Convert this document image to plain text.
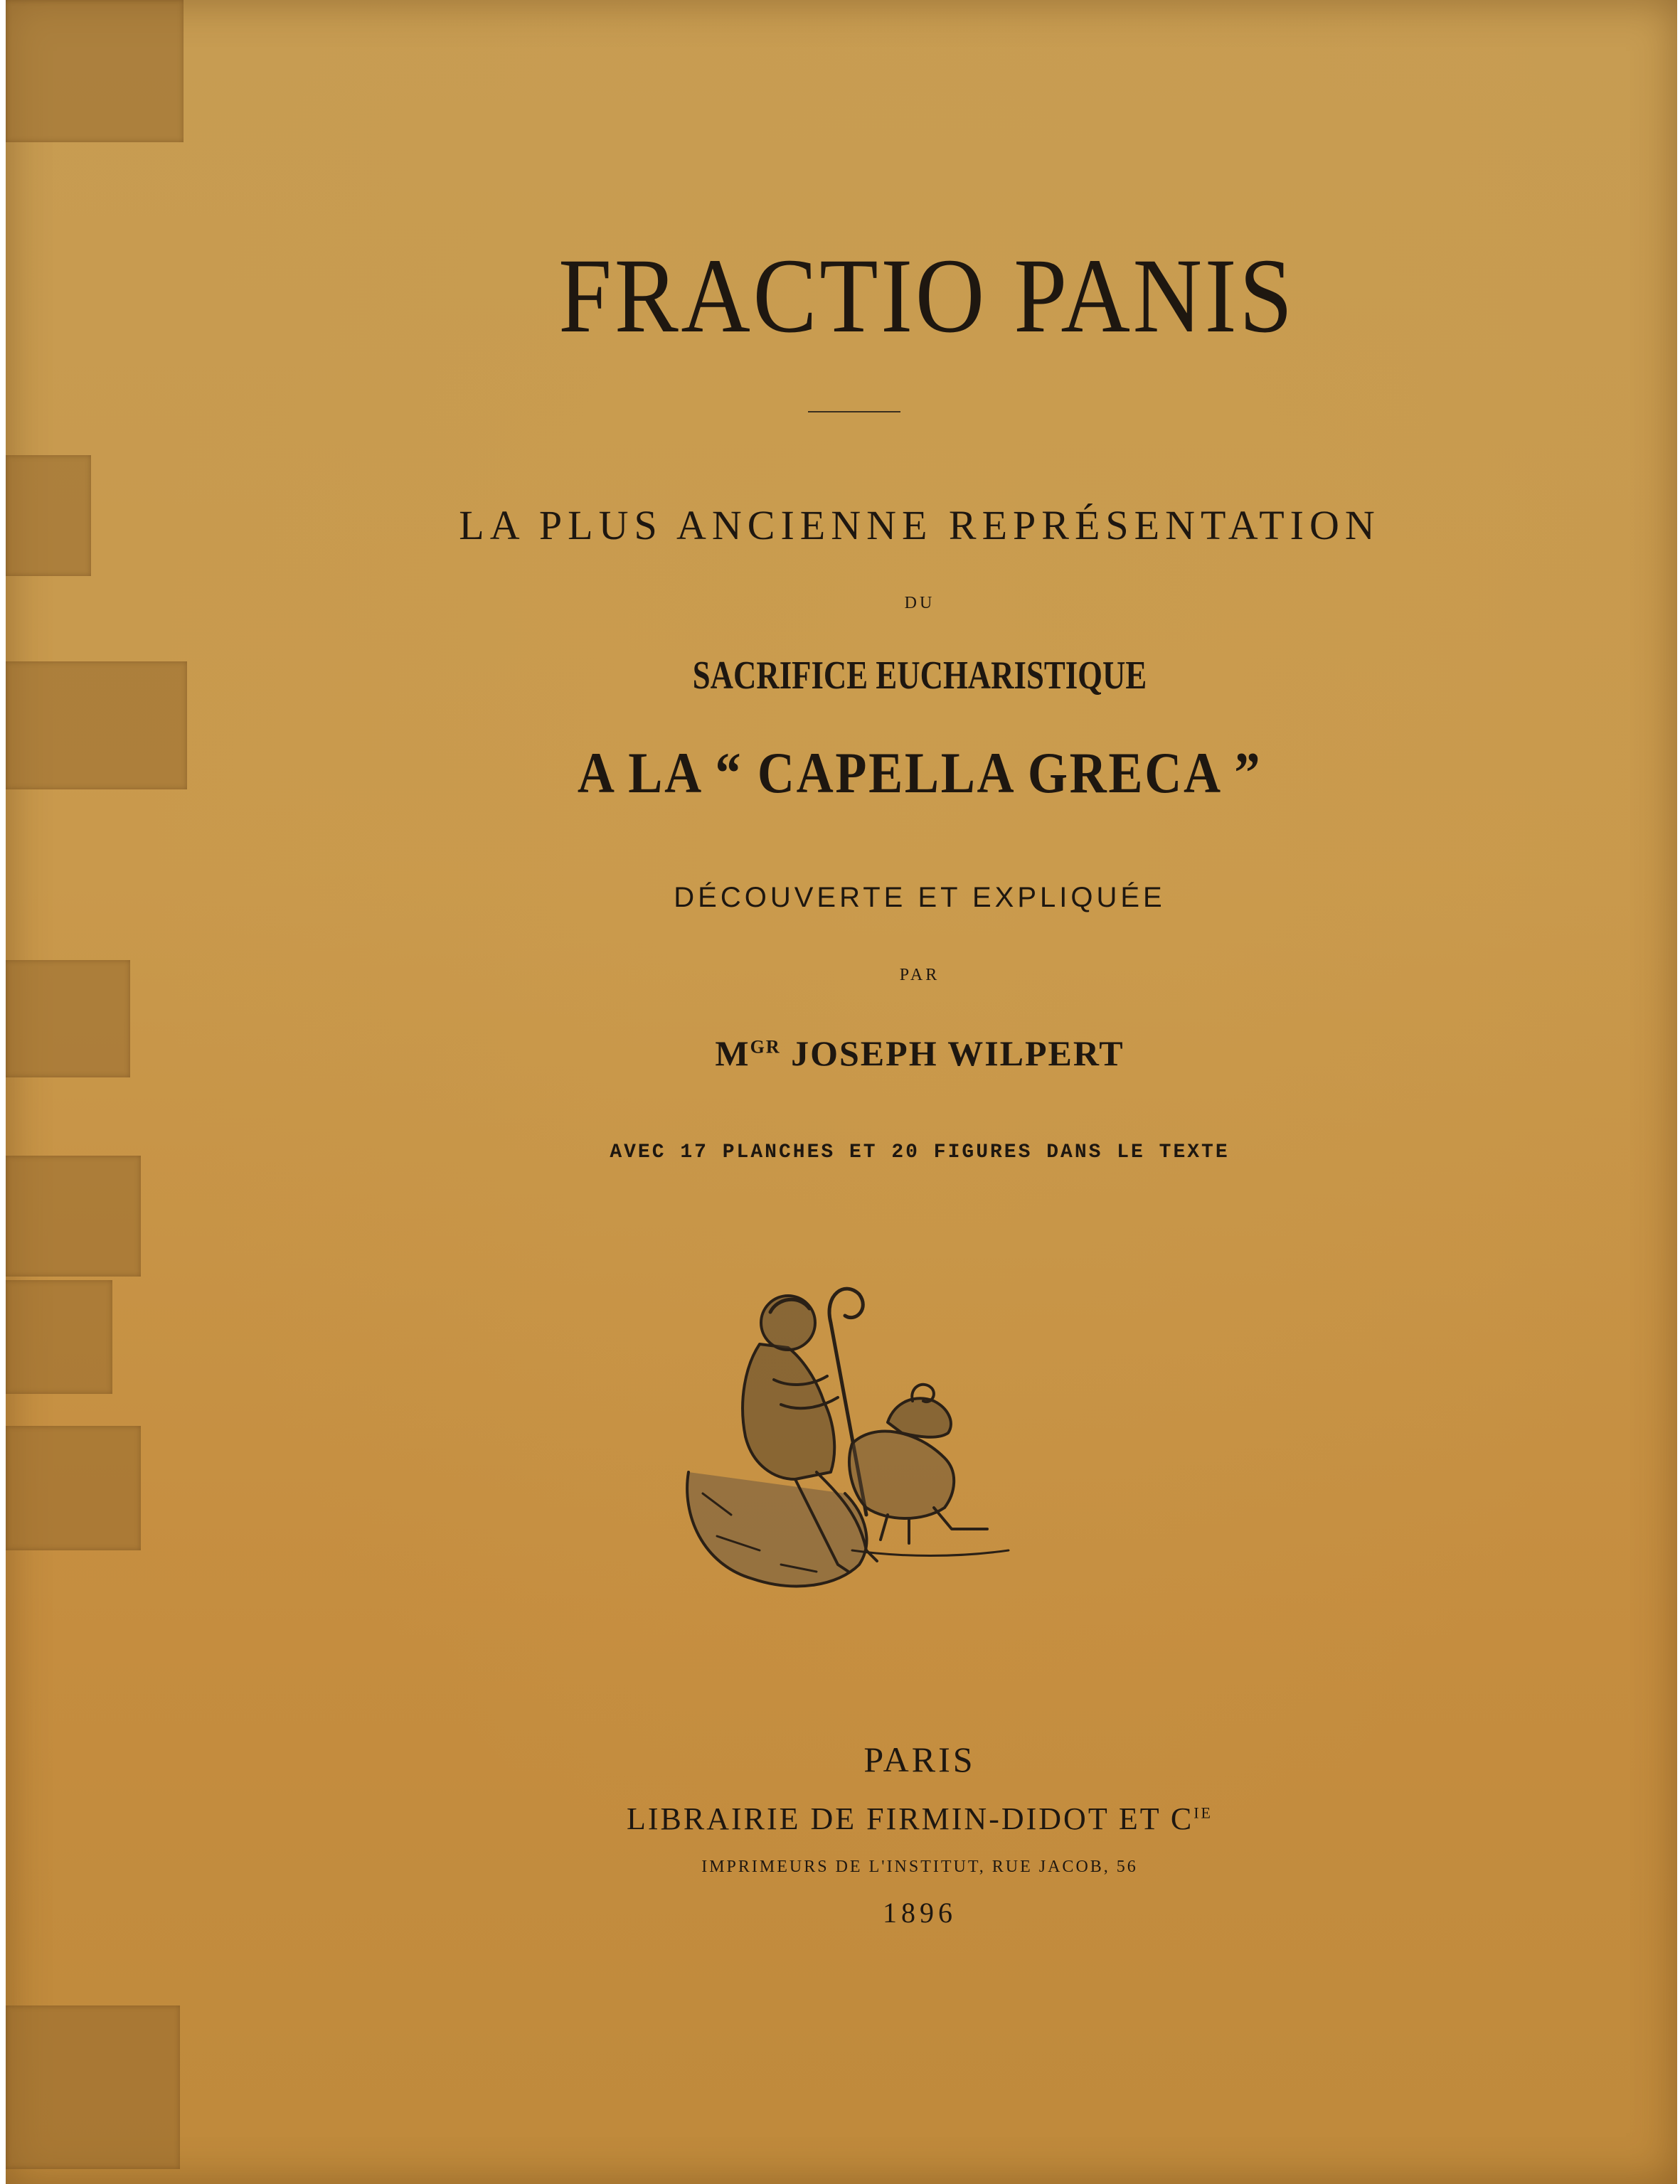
FRACTIO PANIS
LA PLUS ANCIENNE REPRÉSENTATION
DU
SACRIFICE EUCHARISTIQUE
A LA “ CAPELLA GRECA ”
DÉCOUVERTE ET EXPLIQUÉE
PAR
$M^{GR}$ JOSEPH WILPERT
AVEC 17 PLANCHES ET 20 FIGURES DANS LE TEXTE
PARIS
LIBRAIRIE DE FIRMIN-DIDOT ET $C^{IE}$
IMPRIMEURS DE L'INSTITUT, RUE JACOB, 56
1896
